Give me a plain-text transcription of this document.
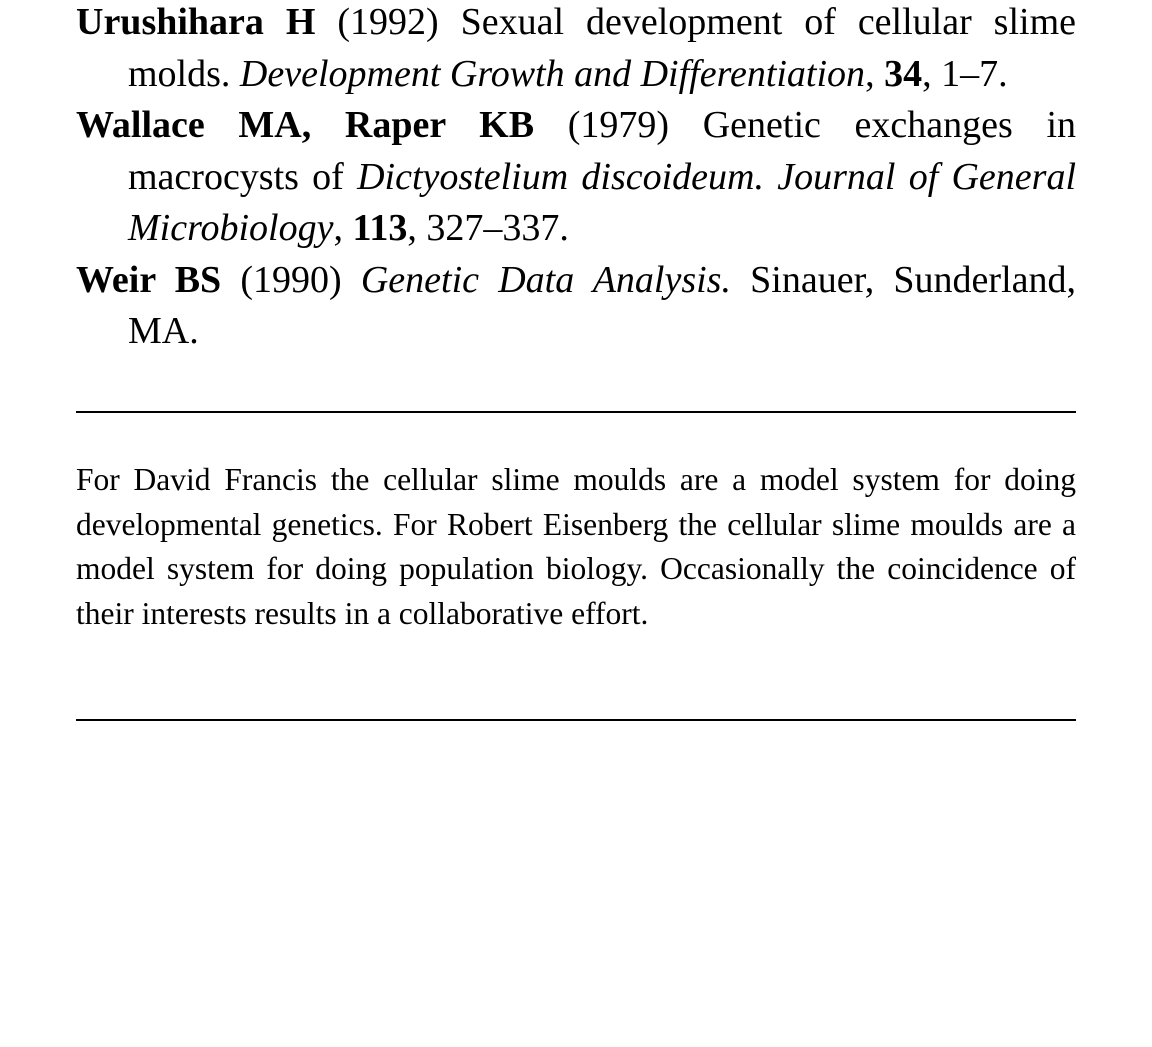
Urushihara H (1992) Sexual development of cellular slime molds. Development Growth and Differentiation, 34, 1–7.

Wallace MA, Raper KB (1979) Genetic exchanges in macrocysts of Dictyostelium discoideum. Journal of General Microbiology, 113, 327–337.

Weir BS (1990) Genetic Data Analysis. Sinauer, Sunderland, MA.

For David Francis the cellular slime moulds are a model system for doing developmental genetics. For Robert Eisenberg the cellular slime moulds are a model system for doing population biology. Occasionally the coincidence of their interests results in a collaborative effort.
